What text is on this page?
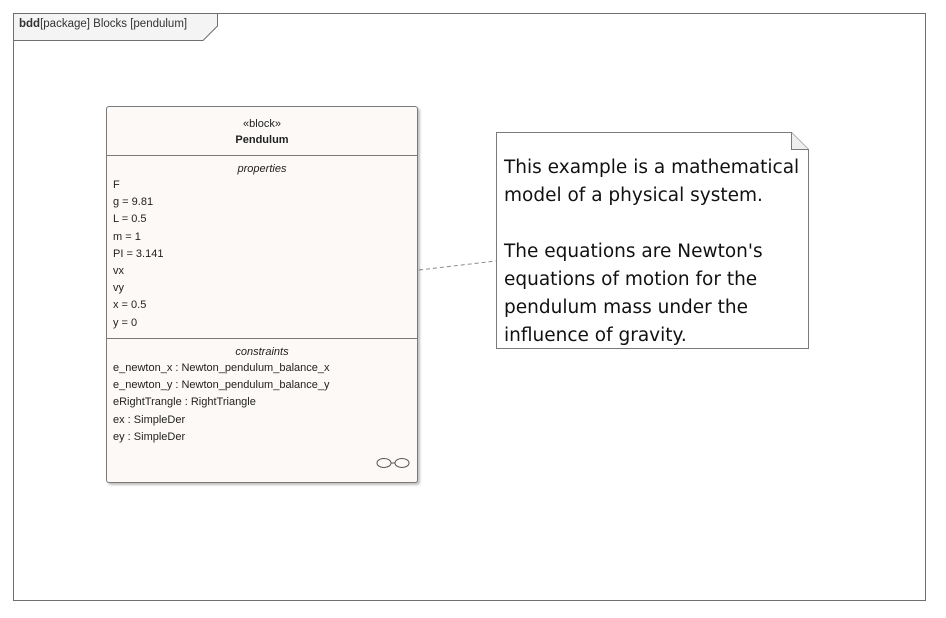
bdd[package] Blocks [pendulum]
«block»
Pendulum
properties
F
g = 9.81
L = 0.5
m = 1
PI = 3.141
vx
vy
x = 0.5
y = 0
constraints
e_newton_x : Newton_pendulum_balance_x
e_newton_y : Newton_pendulum_balance_y
eRightTrangle : RightTriangle
ex : SimpleDer
ey : SimpleDer
This example is a mathematical model of a physical system.

The equations are Newton's equations of motion for the pendulum mass under the influence of gravity.
